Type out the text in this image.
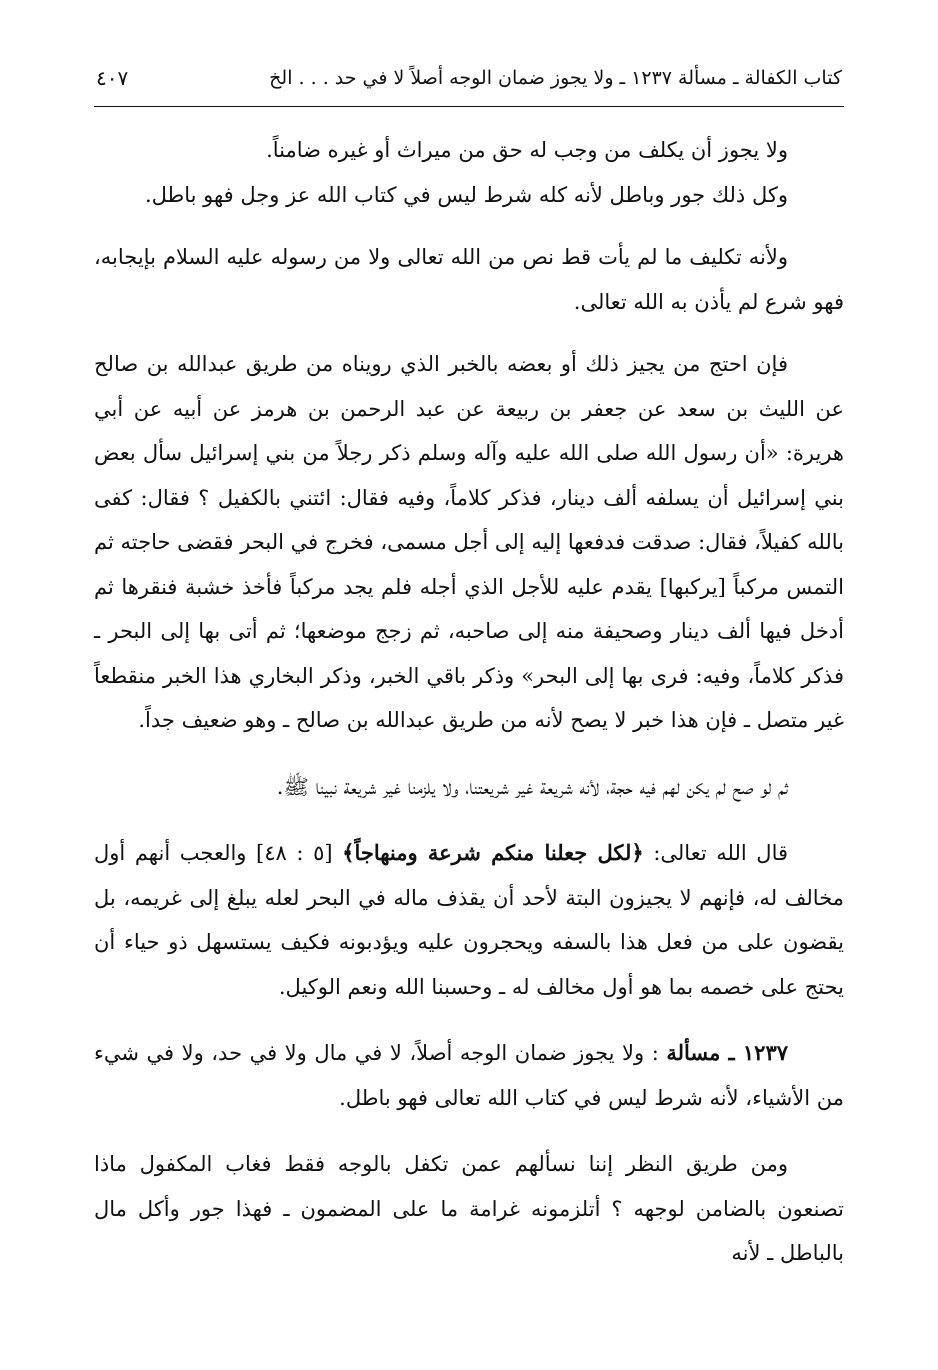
كتاب الكفالة ـ مسألة ١٢٣٧ ـ ولا يجوز ضمان الوجه أصلاً لا في حد . . . الخ
٤٠٧

ولا يجوز أن يكلف من وجب له حق من ميراث أو غيره ضامناً.

وكل ذلك جور وباطل لأنه كله شرط ليس في كتاب الله عز وجل فهو باطل.

ولأنه تكليف ما لم يأت قط نص من الله تعالى ولا من رسوله عليه السلام بإيجابه، فهو شرع لم يأذن به الله تعالى.

فإن احتج من يجيز ذلك أو بعضه بالخبر الذي رويناه من طريق عبدالله بن صالح عن الليث بن سعد عن جعفر بن ربيعة عن عبد الرحمن بن هرمز عن أبيه عن أبي هريرة: «أن رسول الله صلى الله عليه وآله وسلم ذكر رجلاً من بني إسرائيل سأل بعض بني إسرائيل أن يسلفه ألف دينار، فذكر كلاماً، وفيه فقال: ائتني بالكفيل ؟ فقال: كفى بالله كفيلاً، فقال: صدقت فدفعها إليه إلى أجل مسمى، فخرج في البحر فقضى حاجته ثم التمس مركباً [يركبها] يقدم عليه للأجل الذي أجله فلم يجد مركباً فأخذ خشبة فنقرها ثم أدخل فيها ألف دينار وصحيفة منه إلى صاحبه، ثم زجج موضعها؛ ثم أتى بها إلى البحر ـ فذكر كلاماً، وفيه: فرى بها إلى البحر» وذكر باقي الخبر، وذكر البخاري هذا الخبر منقطعاً غير متصل ـ فإن هذا خبر لا يصح لأنه من طريق عبدالله بن صالح ـ وهو ضعيف جداً.

ثم لو صح لم يكن لهم فيه حجة، لأنه شريعة غير شريعتنا، ولا يلزمنا غير شريعة نبينا ﷺ.

قال الله تعالى: ﴿لكل جعلنا منكم شرعة ومنهاجاً﴾ [٥ : ٤٨] والعجب أنهم أول مخالف له، فإنهم لا يجيزون البتة لأحد أن يقذف ماله في البحر لعله يبلغ إلى غريمه، بل يقضون على من فعل هذا بالسفه ويحجرون عليه ويؤدبونه فكيف يستسهل ذو حياء أن يحتج على خصمه بما هو أول مخالف له ـ وحسبنا الله ونعم الوكيل.

١٢٣٧ ـ مسألة : ولا يجوز ضمان الوجه أصلاً، لا في مال ولا في حد، ولا في شيء من الأشياء، لأنه شرط ليس في كتاب الله تعالى فهو باطل.

ومن طريق النظر إننا نسألهم عمن تكفل بالوجه فقط فغاب المكفول ماذا تصنعون بالضامن لوجهه ؟ أتلزمونه غرامة ما على المضمون ـ فهذا جور وأكل مال بالباطل ـ لأنه
